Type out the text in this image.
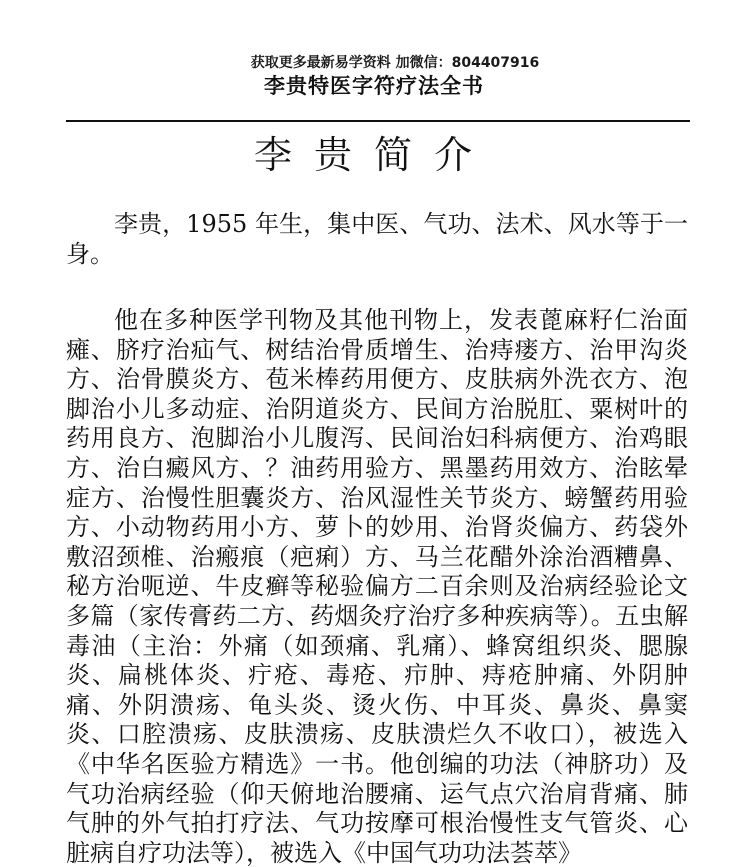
获取更多最新易学资料 加微信：804407916
李贵特医字符疗法全书
李贵简介

李贵，1955 年生，集中医、气功、法术、风水等于一身。

他在多种医学刊物及其他刊物上，发表蓖麻籽仁治面瘫、脐疗治疝气、树结治骨质增生、治痔瘘方、治甲沟炎方、治骨膜炎方、苞米棒药用便方、皮肤病外洗衣方、泡脚治小儿多动症、治阴道炎方、民间方治脱肛、粟树叶的药用良方、泡脚治小儿腹泻、民间治妇科病便方、治鸡眼方、治白癜风方、？油药用验方、黑墨药用效方、治眩晕症方、治慢性胆囊炎方、治风湿性关节炎方、螃蟹药用验方、小动物药用小方、萝卜的妙用、治肾炎偏方、药袋外敷沼颈椎、治瘢痕（疤痢）方、马兰花醋外涂治酒糟鼻、秘方治呃逆、牛皮癣等秘验偏方二百余则及治病经验论文多篇（家传膏药二方、药烟灸疗治疗多种疾病等）。五虫解毒油（主治：外痛（如颈痛、乳痛）、蜂窝组织炎、腮腺炎、扁桃体炎、疔疮、毒疮、疖肿、痔疮肿痛、外阴肿痛、外阴溃疡、龟头炎、烫火伤、中耳炎、鼻炎、鼻窦炎、口腔溃疡、皮肤溃疡、皮肤溃烂久不收口），被选入《中华名医验方精选》一书。他创编的功法（神脐功）及气功治病经验（仰天俯地治腰痛、运气点穴治肩背痛、肺气肿的外气拍打疗法、气功按摩可根治慢性支气管炎、心脏病自疗功法等），被选入《中国气功功法荟萃》
